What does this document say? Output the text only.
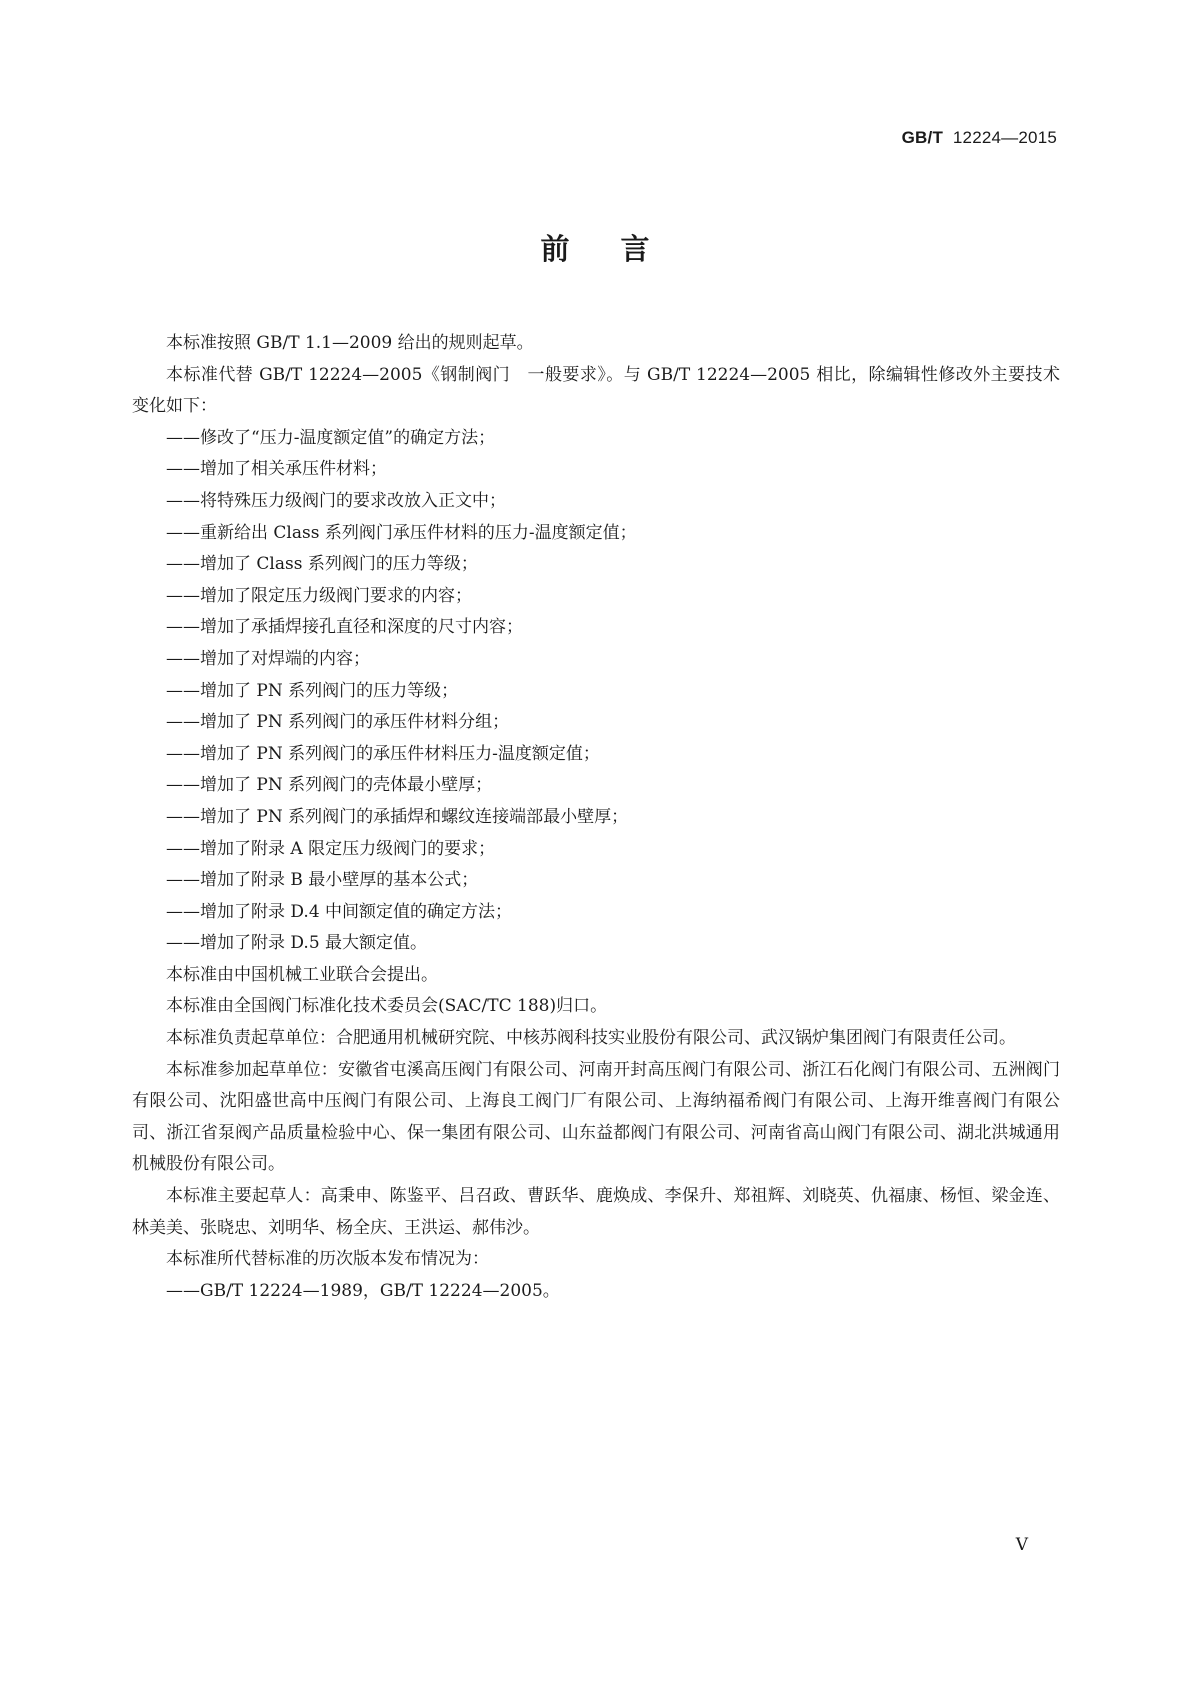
GB/T 12224—2015
前 言

本标准按照 GB/T 1.1—2009 给出的规则起草。

本标准代替 GB/T 12224—2005《钢制阀门　一般要求》。与 GB/T 12224—2005 相比，除编辑性修改外主要技术变化如下：

——修改了“压力-温度额定值”的确定方法；

——增加了相关承压件材料；

——将特殊压力级阀门的要求改放入正文中；

——重新给出 Class 系列阀门承压件材料的压力-温度额定值；

——增加了 Class 系列阀门的压力等级；

——增加了限定压力级阀门要求的内容；

——增加了承插焊接孔直径和深度的尺寸内容；

——增加了对焊端的内容；

——增加了 PN 系列阀门的压力等级；

——增加了 PN 系列阀门的承压件材料分组；

——增加了 PN 系列阀门的承压件材料压力-温度额定值；

——增加了 PN 系列阀门的壳体最小壁厚；

——增加了 PN 系列阀门的承插焊和螺纹连接端部最小壁厚；

——增加了附录 A 限定压力级阀门的要求；

——增加了附录 B 最小壁厚的基本公式；

——增加了附录 D.4 中间额定值的确定方法；

——增加了附录 D.5 最大额定值。

本标准由中国机械工业联合会提出。

本标准由全国阀门标准化技术委员会(SAC/TC 188)归口。

本标准负责起草单位：合肥通用机械研究院、中核苏阀科技实业股份有限公司、武汉锅炉集团阀门有限责任公司。

本标准参加起草单位：安徽省屯溪高压阀门有限公司、河南开封高压阀门有限公司、浙江石化阀门有限公司、五洲阀门有限公司、沈阳盛世高中压阀门有限公司、上海良工阀门厂有限公司、上海纳福希阀门有限公司、上海开维喜阀门有限公司、浙江省泵阀产品质量检验中心、保一集团有限公司、山东益都阀门有限公司、河南省高山阀门有限公司、湖北洪城通用机械股份有限公司。

本标准主要起草人：高秉申、陈鉴平、吕召政、曹跃华、鹿焕成、李保升、郑祖辉、刘晓英、仇福康、杨恒、梁金连、林美美、张晓忠、刘明华、杨全庆、王洪运、郝伟沙。

本标准所代替标准的历次版本发布情况为：

——GB/T 12224—1989，GB/T 12224—2005。

V
